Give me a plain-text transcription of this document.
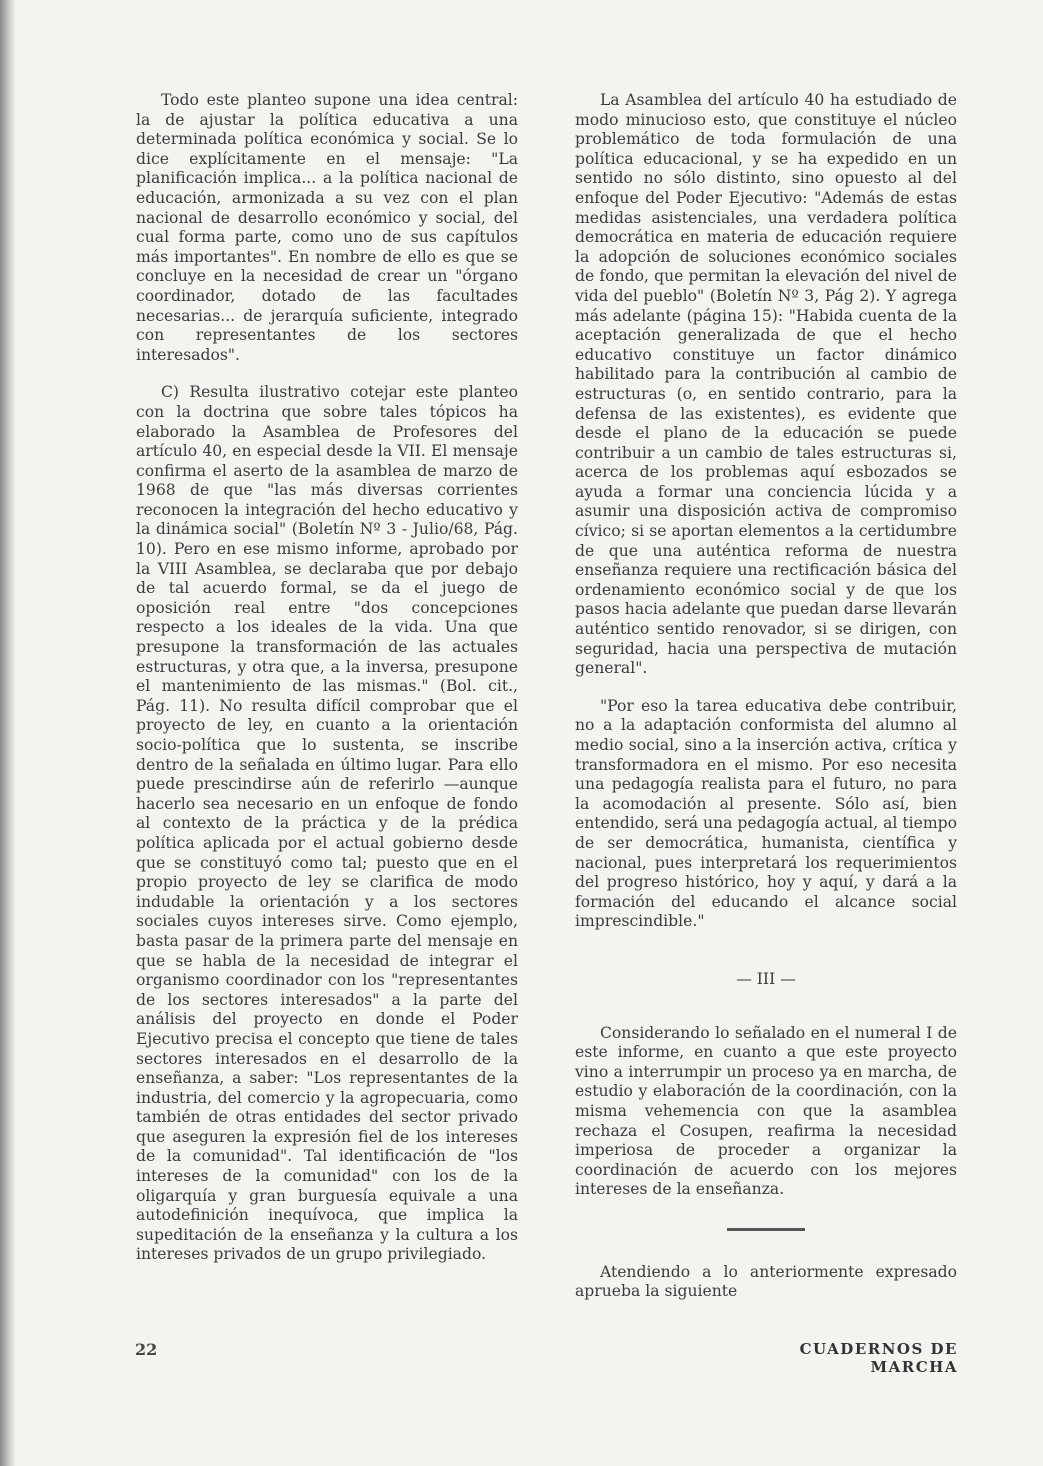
Todo este planteo supone una idea central: la de ajustar la política educativa a una determinada política económica y social. Se lo dice explícitamente en el mensaje: "La planificación implica... a la política nacional de educación, armonizada a su vez con el plan nacional de desarrollo económico y social, del cual forma parte, como uno de sus capítulos más importantes". En nombre de ello es que se concluye en la necesidad de crear un "órgano coordinador, dotado de las facultades necesarias... de jerarquía suficiente, integrado con representantes de los sectores interesados".

C) Resulta ilustrativo cotejar este planteo con la doctrina que sobre tales tópicos ha elaborado la Asamblea de Profesores del artículo 40, en especial desde la VII. El mensaje confirma el aserto de la asamblea de marzo de 1968 de que "las más diversas corrientes reconocen la integración del hecho educativo y la dinámica social" (Boletín Nº 3 - Julio/68, Pág. 10). Pero en ese mismo informe, aprobado por la VIII Asamblea, se declaraba que por debajo de tal acuerdo formal, se da el juego de oposición real entre "dos concepciones respecto a los ideales de la vida. Una que presupone la transformación de las actuales estructuras, y otra que, a la inversa, presupone el mantenimiento de las mismas." (Bol. cit., Pág. 11). No resulta difícil comprobar que el proyecto de ley, en cuanto a la orientación socio-política que lo sustenta, se inscribe dentro de la señalada en último lugar. Para ello puede prescindirse aún de referirlo —aunque hacerlo sea necesario en un enfoque de fondo al contexto de la práctica y de la prédica política aplicada por el actual gobierno desde que se constituyó como tal; puesto que en el propio proyecto de ley se clarifica de modo indudable la orientación y a los sectores sociales cuyos intereses sirve. Como ejemplo, basta pasar de la primera parte del mensaje en que se habla de la necesidad de integrar el organismo coordinador con los "representantes de los sectores interesados" a la parte del análisis del proyecto en donde el Poder Ejecutivo precisa el concepto que tiene de tales sectores interesados en el desarrollo de la enseñanza, a saber: "Los representantes de la industria, del comercio y la agropecuaria, como también de otras entidades del sector privado que aseguren la expresión fiel de los intereses de la comunidad". Tal identificación de "los intereses de la comunidad" con los de la oligarquía y gran burguesía equivale a una autodefinición inequívoca, que implica la supeditación de la enseñanza y la cultura a los intereses privados de un grupo privilegiado.

La Asamblea del artículo 40 ha estudiado de modo minucioso esto, que constituye el núcleo problemático de toda formulación de una política educacional, y se ha expedido en un sentido no sólo distinto, sino opuesto al del enfoque del Poder Ejecutivo: "Además de estas medidas asistenciales, una verdadera política democrática en materia de educación requiere la adopción de soluciones económico sociales de fondo, que permitan la elevación del nivel de vida del pueblo" (Boletín Nº 3, Pág 2). Y agrega más adelante (página 15): "Habida cuenta de la aceptación generalizada de que el hecho educativo constituye un factor dinámico habilitado para la contribución al cambio de estructuras (o, en sentido contrario, para la defensa de las existentes), es evidente que desde el plano de la educación se puede contribuir a un cambio de tales estructuras si, acerca de los problemas aquí esbozados se ayuda a formar una conciencia lúcida y a asumir una disposición activa de compromiso cívico; si se aportan elementos a la certidumbre de que una auténtica reforma de nuestra enseñanza requiere una rectificación básica del ordenamiento económico social y de que los pasos hacia adelante que puedan darse llevarán auténtico sentido renovador, si se dirigen, con seguridad, hacia una perspectiva de mutación general".

"Por eso la tarea educativa debe contribuir, no a la adaptación conformista del alumno al medio social, sino a la inserción activa, crítica y transformadora en el mismo. Por eso necesita una pedagogía realista para el futuro, no para la acomodación al presente. Sólo así, bien entendido, será una pedagogía actual, al tiempo de ser democrática, humanista, científica y nacional, pues interpretará los requerimientos del progreso histórico, hoy y aquí, y dará a la formación del educando el alcance social imprescindible."

— III —

Considerando lo señalado en el numeral I de este informe, en cuanto a que este proyecto vino a interrumpir un proceso ya en marcha, de estudio y elaboración de la coordinación, con la misma vehemencia con que la asamblea rechaza el Cosupen, reafirma la necesidad imperiosa de proceder a organizar la coordinación de acuerdo con los mejores intereses de la enseñanza.

Atendiendo a lo anteriormente expresado aprueba la siguiente

22	CUADERNOS DE MARCHA
